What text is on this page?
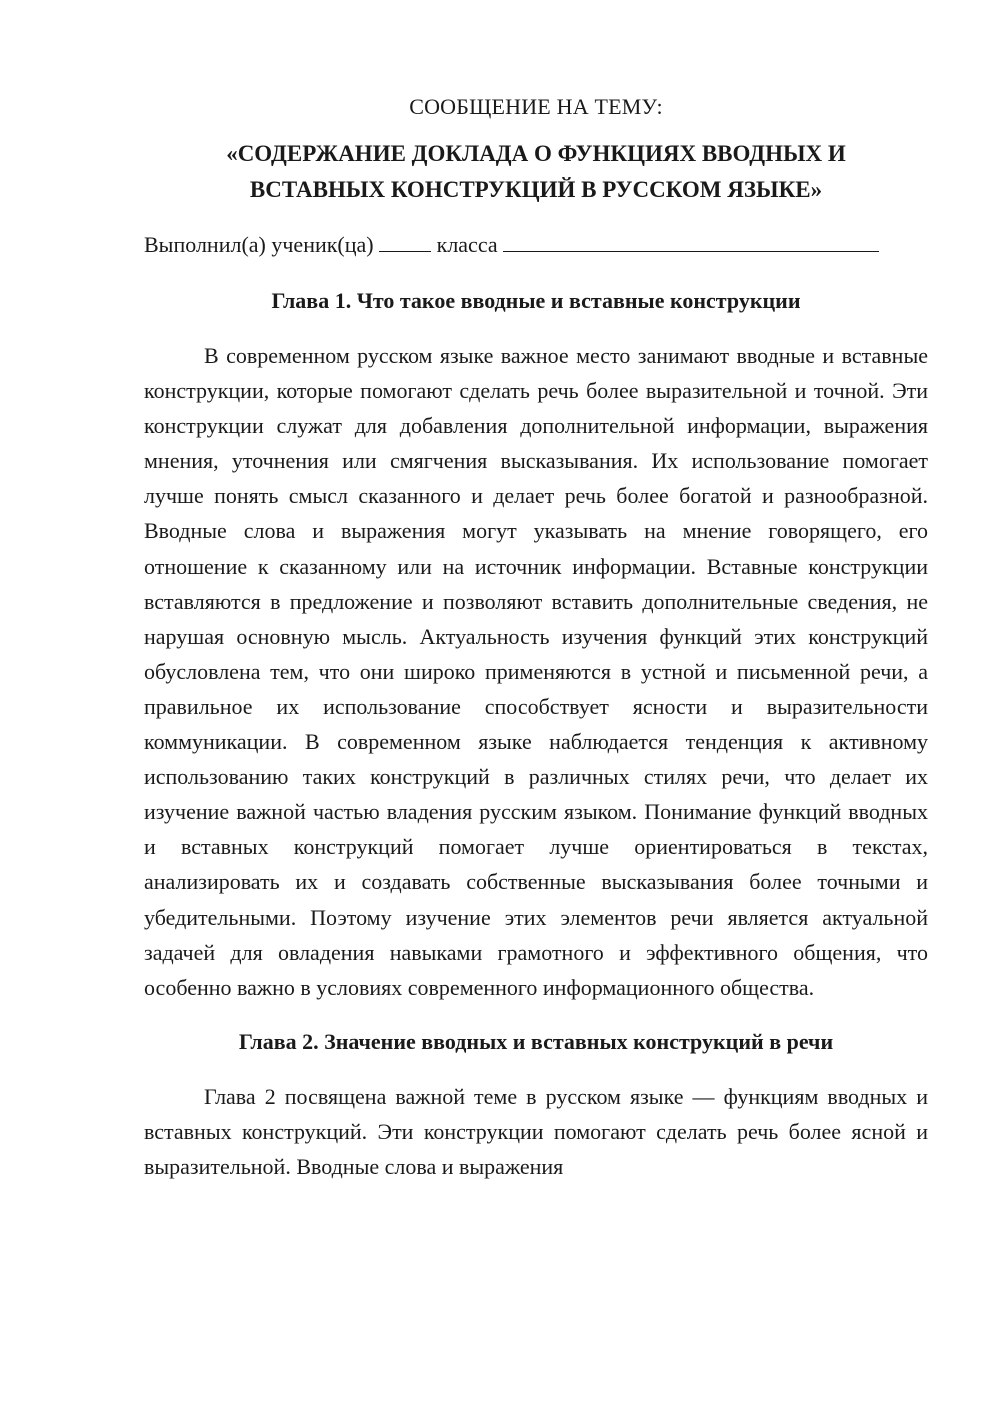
СООБЩЕНИЕ НА ТЕМУ:
«СОДЕРЖАНИЕ ДОКЛАДА О ФУНКЦИЯХ ВВОДНЫХ И
ВСТАВНЫХ КОНСТРУКЦИЙ В РУССКОМ ЯЗЫКЕ»
Выполнил(а) ученик(ца)	класса
Глава 1. Что такое вводные и вставные конструкции

В современном русском языке важное место занимают вводные и вставные конструкции, которые помогают сделать речь более выразительной и точной. Эти конструкции служат для добавления дополнительной информации, выражения мнения, уточнения или смягчения высказывания. Их использование помогает лучше понять смысл сказанного и делает речь более богатой и разнообразной. Вводные слова и выражения могут указывать на мнение говорящего, его отношение к сказанному или на источник информации. Вставные конструкции вставляются в предложение и позволяют вставить дополнительные сведения, не нарушая основную мысль. Актуальность изучения функций этих конструкций обусловлена тем, что они широко применяются в устной и письменной речи, а правильное их использование способствует ясности и выразительности коммуникации. В современном языке наблюдается тенденция к активному использованию таких конструкций в различных стилях речи, что делает их изучение важной частью владения русским языком. Понимание функций вводных и вставных конструкций помогает лучше ориентироваться в текстах, анализировать их и создавать собственные высказывания более точными и убедительными. Поэтому изучение этих элементов речи является актуальной задачей для овладения навыками грамотного и эффективного общения, что особенно важно в условиях современного информационного общества.

Глава 2. Значение вводных и вставных конструкций в речи

Глава 2 посвящена важной теме в русском языке — функциям вводных и вставных конструкций. Эти конструкции помогают сделать речь более ясной и выразительной. Вводные слова и выражения
